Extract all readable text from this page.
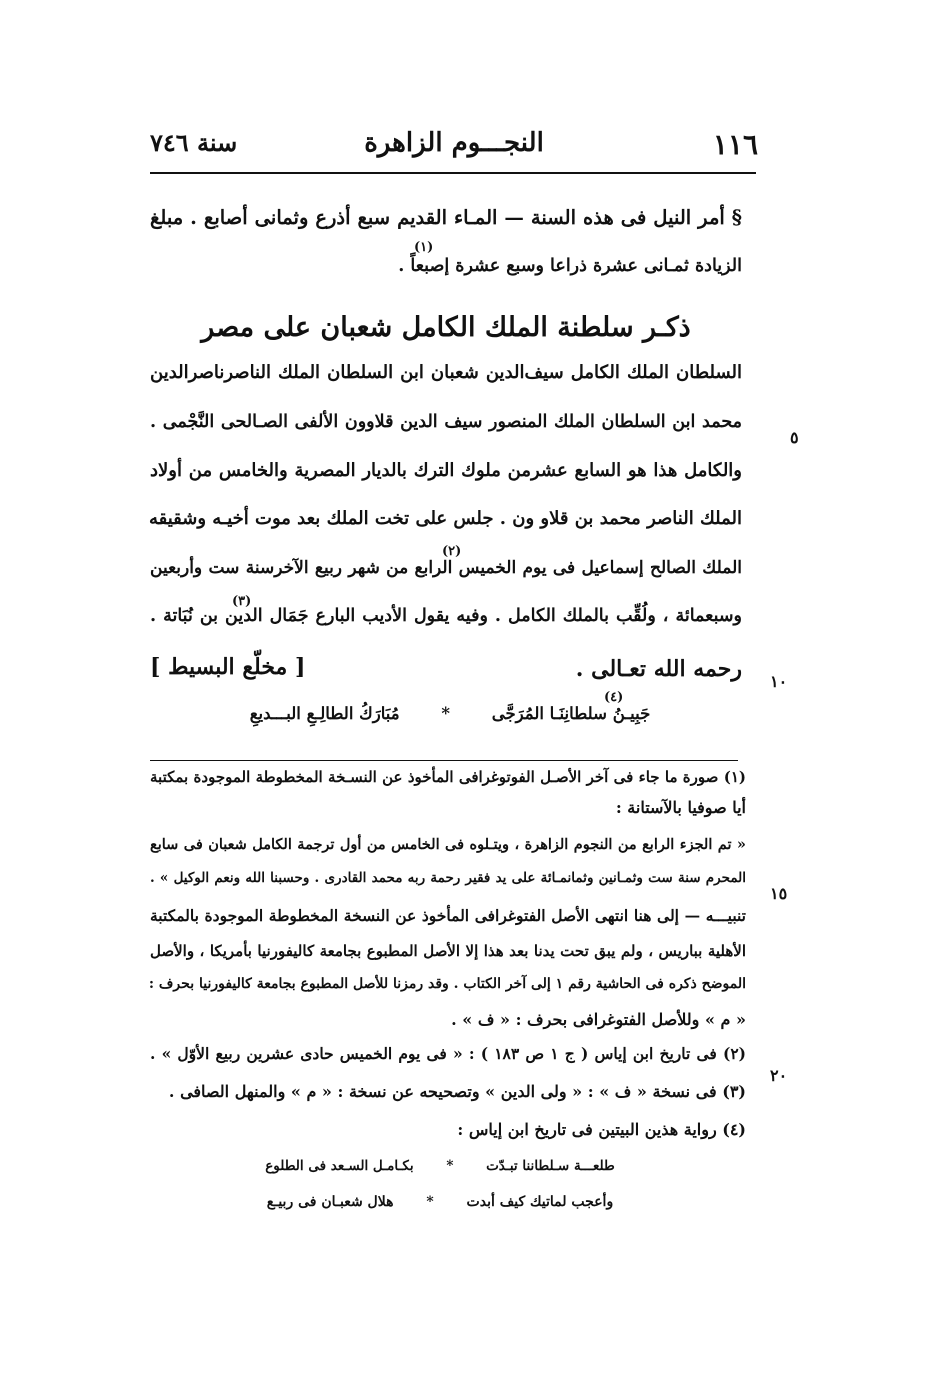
١١٦
النجـــوم الزاهرة
سنة ٧٤٦
§ أمر النيل فى هذه السنة — المـاء القديم سبع أذرع وثمانى أصابع . مبلغ
(١)
الزيادة ثمـانى عشرة ذراعا وسبع عشرة إصبعاً .
ذكـر سلطنة الملك الكامل شعبان على مصر
السلطان الملك الكامل سيف‌الدين شعبان ابن السلطان الملك الناصرناصرالدين
محمد ابن السلطان الملك المنصور سيف الدين قلاوون الألفى الصـالحى النَّجْمى .
٥
والكامل هذا هو السابع عشرمن ملوك الترك بالديار المصرية والخامس من أولاد
الملك الناصر محمد بن قلاو ون . جلس على تخت الملك بعد موت أخيـه وشقيقه
(٢)
الملك الصالح إسماعيل فى يوم الخميس الرابع من شهر ربيع الآخرسنة ست وأربعين
(٣)
وسبعمائة ، ولُقِّب بالملك الكامل . وفيه يقول الأديب البارع جَمَال الدين بن نُبَاتة .
رحمه الله تعـالى . ١٠
[ مخلّع البسيط ]
(٤)
جَبِيـنُ سلطانِنَـا المُرَجَّى * مُبَارَكُ الطالِـعِ البـــديعِ
(١) صورة ما جاء فى آخر الأصـل الفوتوغرافى المأخوذ عن النسـخة المخطوطة الموجودة بمكتبة
أيا صوفيا بالآستانة :
« تم الجزء الرابع من النجوم الزاهرة ، ويتـلوه فى الخامس من أول ترجمة الكامل شعبان فى سابع
المحرم سنة ست وثمـانين وثمانمـائة على يد فقير رحمة ربه محمد القادرى . وحسبنا الله ونعم الوكيل » .
١٥
تنبيـــه — إلى هنا انتهى الأصل الفتوغرافى المأخوذ عن النسخة المخطوطة الموجودة بالمكتبة
الأهلية بباريس ، ولم يبق تحت يدنا بعد هذا إلا الأصل المطبوع بجامعة كاليفورنيا بأمريكا ، والأصل
الموضح ذكره فى الحاشية رقم ١ إلى آخر الكتاب . وقد رمزنا للأصل المطبوع بجامعة كاليفورنيا بحرف :
« م » وللأصل الفتوغرافى بحرف : « ف » .
(٢) فى تاريخ ابن إياس ( ج ١ ص ١٨٣ ) : « فى يوم الخميس حادى عشرين ربيع الأوّل » .
٢٠
(٣) فى نسخة « ف » : « ولى الدين » وتصحيحه عن نسخة : « م » والمنهل الصافى .
(٤) رواية هذين البيتين فى تاريخ ابن إياس :
طلعـــة سـلطاننا تبـدّت * بكـامـل السـعد فى الطلوع
وأعجب لماتيك كيف أبدت * هلال شعبـان فى ربيـع
